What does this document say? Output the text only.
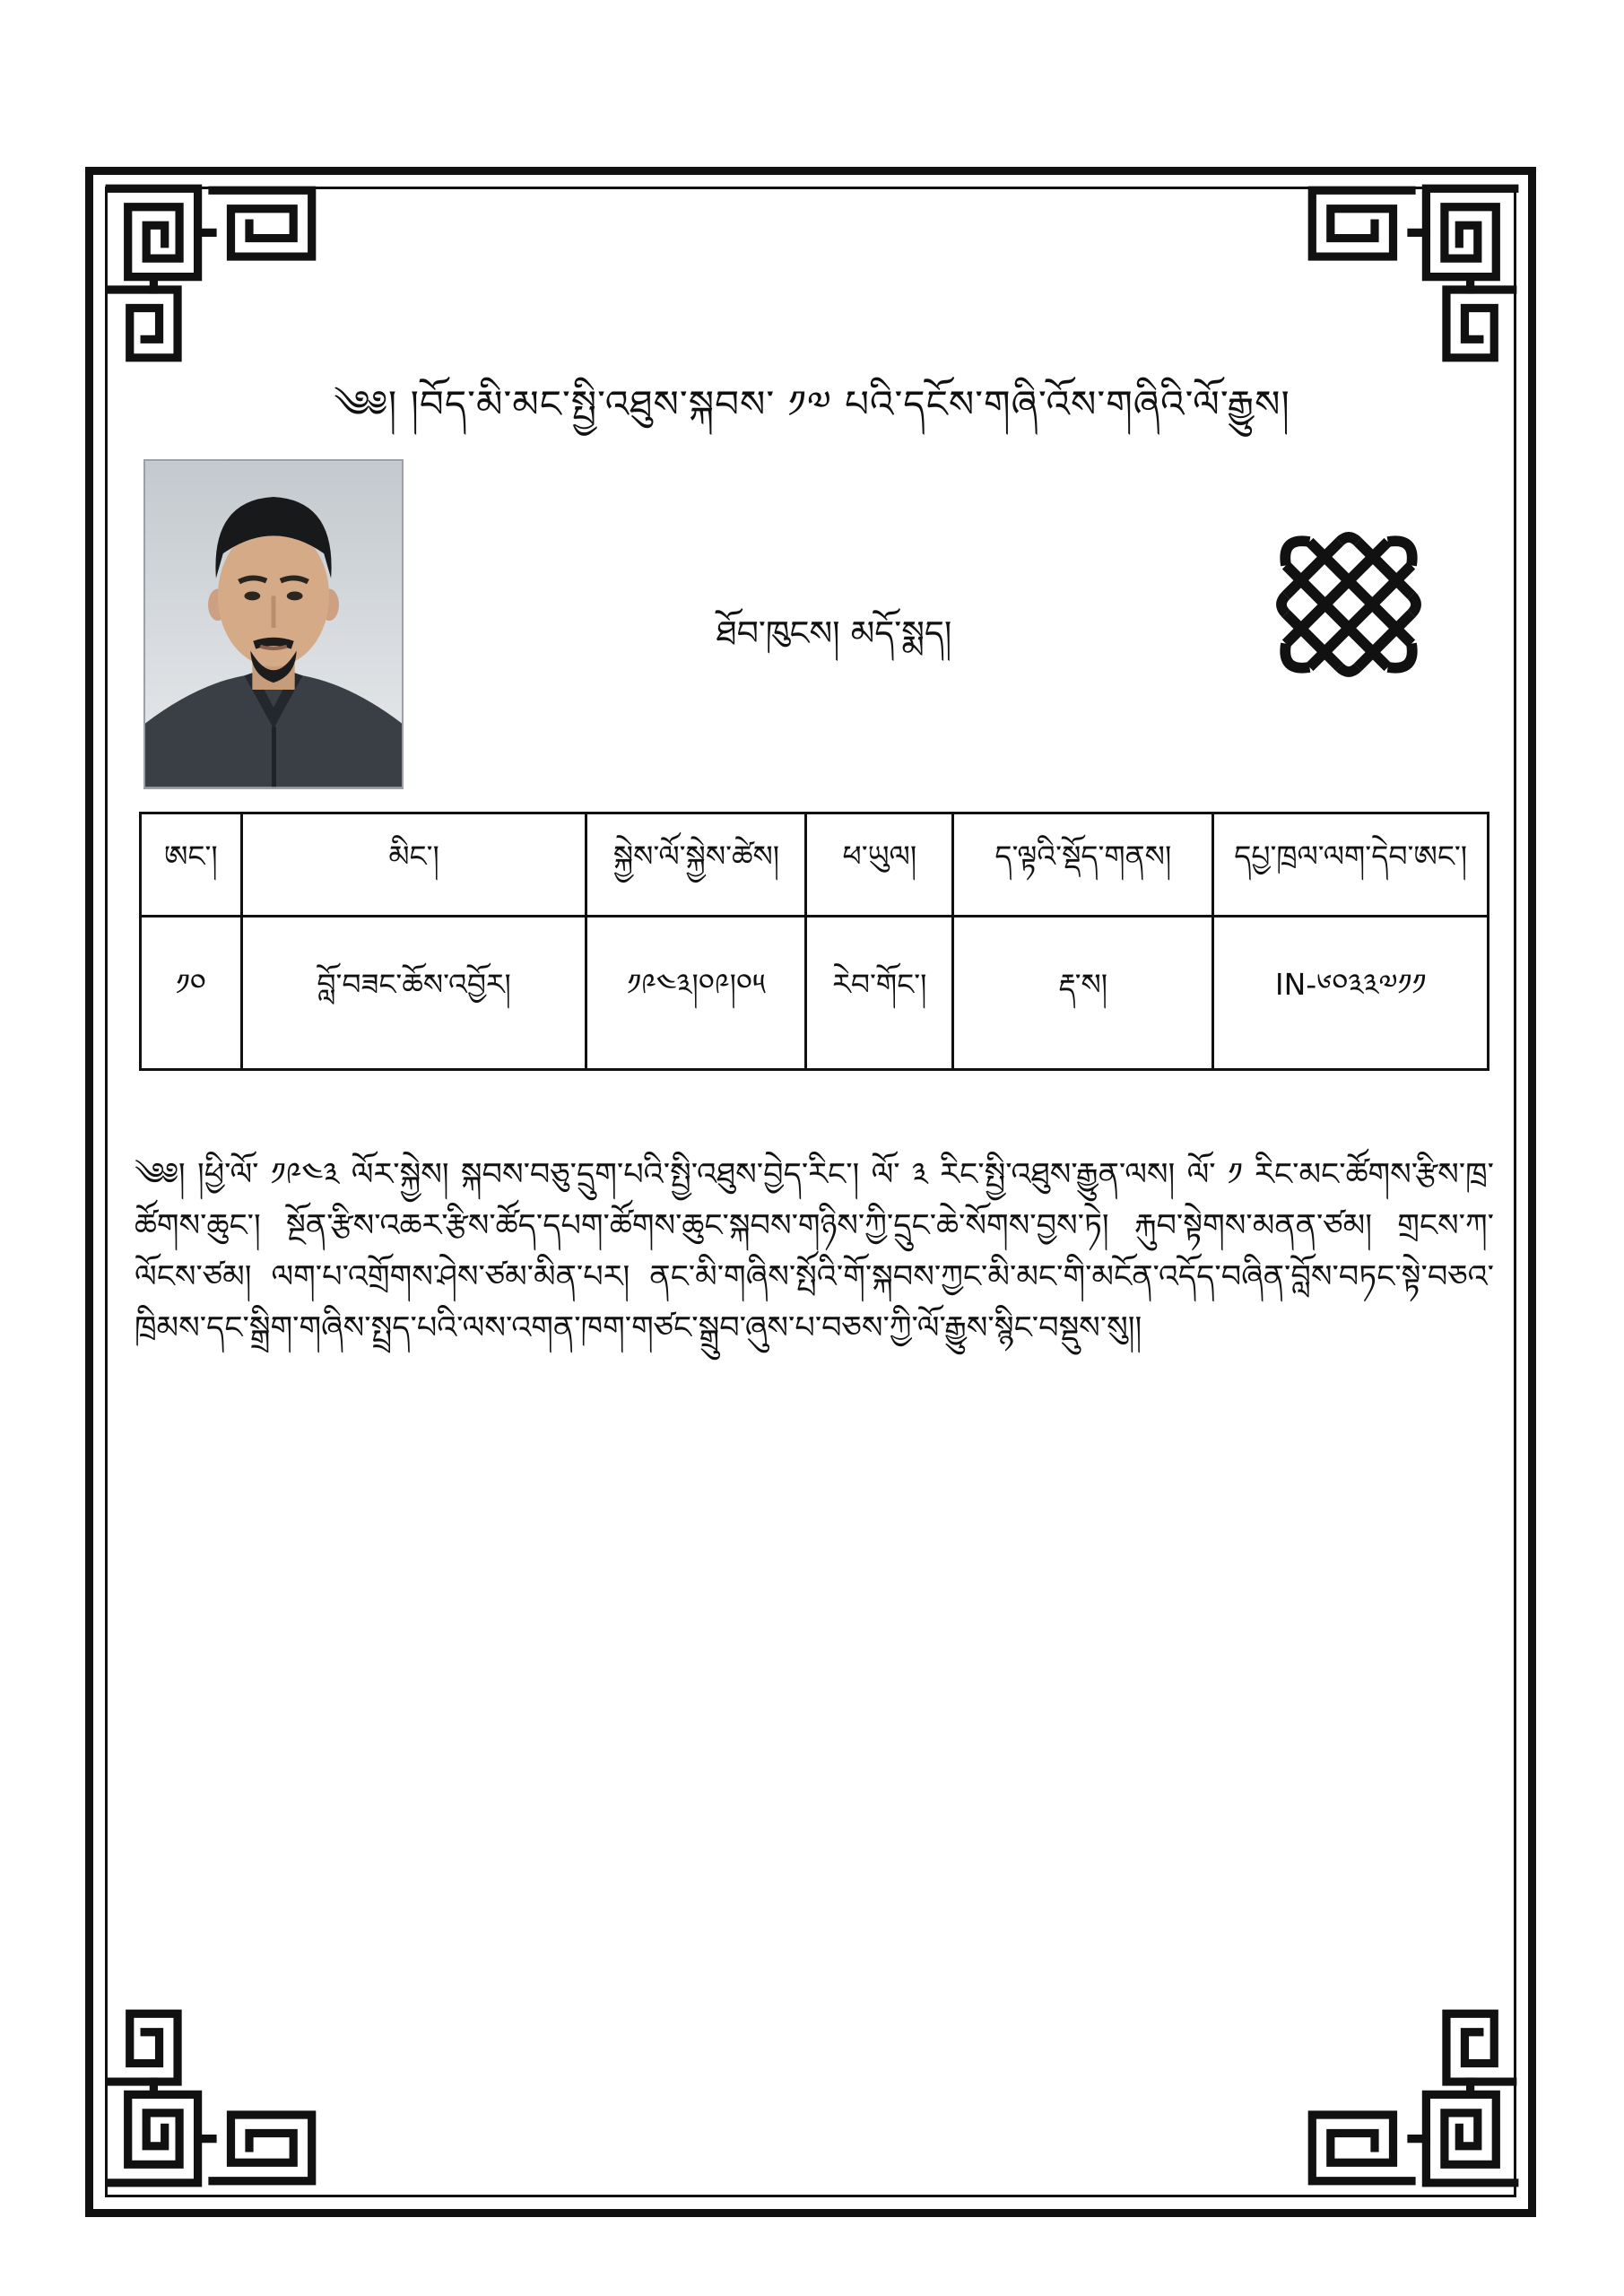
༄༅། །བོད་མི་མང་སྤྱི་འཐུས་སྐབས་ ༡༧ པའི་དངོས་གཞི་འོས་གཞིའི་ལོ་རྒྱུས།
ཐོབ་ཁུངས། མདོ་སྨད།
ཨང་།	མིང་།	སྐྱེས་ལོ་སྐྱེས་ཚེས།	ཕ་ཡུལ།	ད་ལྟའི་སྡོད་གནས།	དཔྱ་ཁྲལ་ལག་དེབ་ཨང་།
༡༠	བློ་བཟང་ཆོས་འབྱོར།	༡༩༤༣།༠༩།༠༥	རེབ་གོང་།	རྡ་ས།	IN-༦༠༣༣༧༡༡
༄༅། །ཕྱི་ལོ་ ༡༩༤༣ ལོར་སྐྱེས། སྐབས་བཅུ་དྲུག་པའི་སྤྱི་འཐུས་བྱེད་རིང་། ལོ་ ༣ རིང་སྤྱི་འཐུས་རྒྱུན་ལས། ལོ་ ༡ རིང་མང་ཚོགས་རྩིས་ཁྲ་ཚོགས་ཆུང་། སྔོན་རྩིས་འཆར་རྩིས་ཚོད་དཔག་ཚོགས་ཆུང་སྐབས་གཉིས་ཀྱི་དྲུང་ཆེ་སོགས་བྱས་ཏེ། རྐུབ་སྟེགས་མནན་ཙམ། གྲངས་ཀ་ལོངས་ཙམ། ལག་པ་འགྲོགས་ཤེས་ཙམ་མིན་པར། ནང་མི་གཞིས་སྤོའི་གོ་སྐབས་ཀྱང་མི་མང་གི་མངོན་འདོད་བཞིན་བློས་བཏང་སྟེ་བཅའ་ཁྲིམས་དང་སྒྲིག་གཞིས་སྤྲད་པའི་ལས་འགན་ཁག་གཙང་སྒྲུབ་ཞུས་པ་བཅས་ཀྱི་ལོ་རྒྱུས་སྙིང་བསྡུས་སུ།།
